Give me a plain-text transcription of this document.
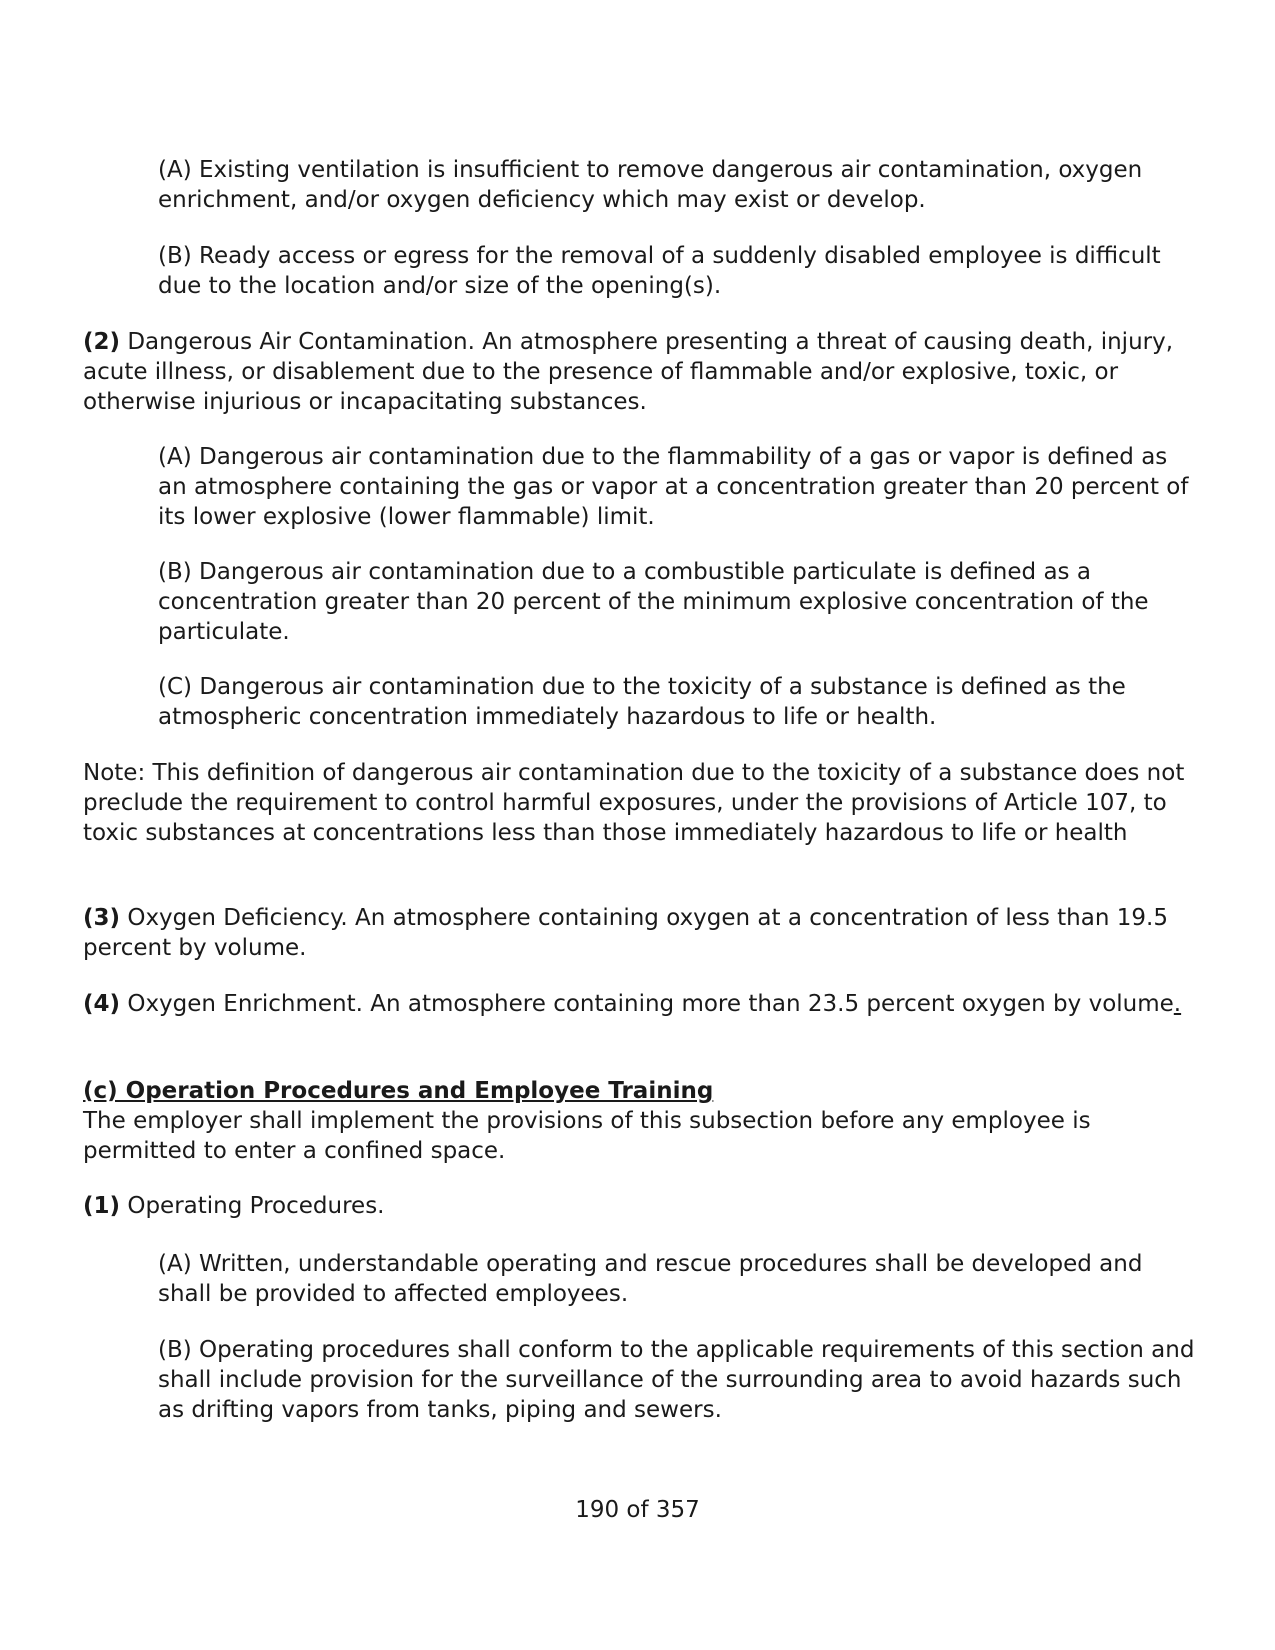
(A) Existing ventilation is insufficient to remove dangerous air contamination, oxygen enrichment, and/or oxygen deficiency which may exist or develop.

(B) Ready access or egress for the removal of a suddenly disabled employee is difficult due to the location and/or size of the opening(s).

(2) Dangerous Air Contamination. An atmosphere presenting a threat of causing death, injury, acute illness, or disablement due to the presence of flammable and/or explosive, toxic, or otherwise injurious or incapacitating substances.

(A) Dangerous air contamination due to the flammability of a gas or vapor is defined as an atmosphere containing the gas or vapor at a concentration greater than 20 percent of its lower explosive (lower flammable) limit.

(B) Dangerous air contamination due to a combustible particulate is defined as a concentration greater than 20 percent of the minimum explosive concentration of the particulate.

(C) Dangerous air contamination due to the toxicity of a substance is defined as the atmospheric concentration immediately hazardous to life or health.

Note: This definition of dangerous air contamination due to the toxicity of a substance does not preclude the requirement to control harmful exposures, under the provisions of Article 107, to toxic substances at concentrations less than those immediately hazardous to life or health

(3) Oxygen Deficiency. An atmosphere containing oxygen at a concentration of less than 19.5 percent by volume.

(4) Oxygen Enrichment. An atmosphere containing more than 23.5 percent oxygen by volume.

(c) Operation Procedures and Employee Training
The employer shall implement the provisions of this subsection before any employee is permitted to enter a confined space.

(1) Operating Procedures.

(A) Written, understandable operating and rescue procedures shall be developed and shall be provided to affected employees.

(B) Operating procedures shall conform to the applicable requirements of this section and shall include provision for the surveillance of the surrounding area to avoid hazards such as drifting vapors from tanks, piping and sewers.

190 of 357
